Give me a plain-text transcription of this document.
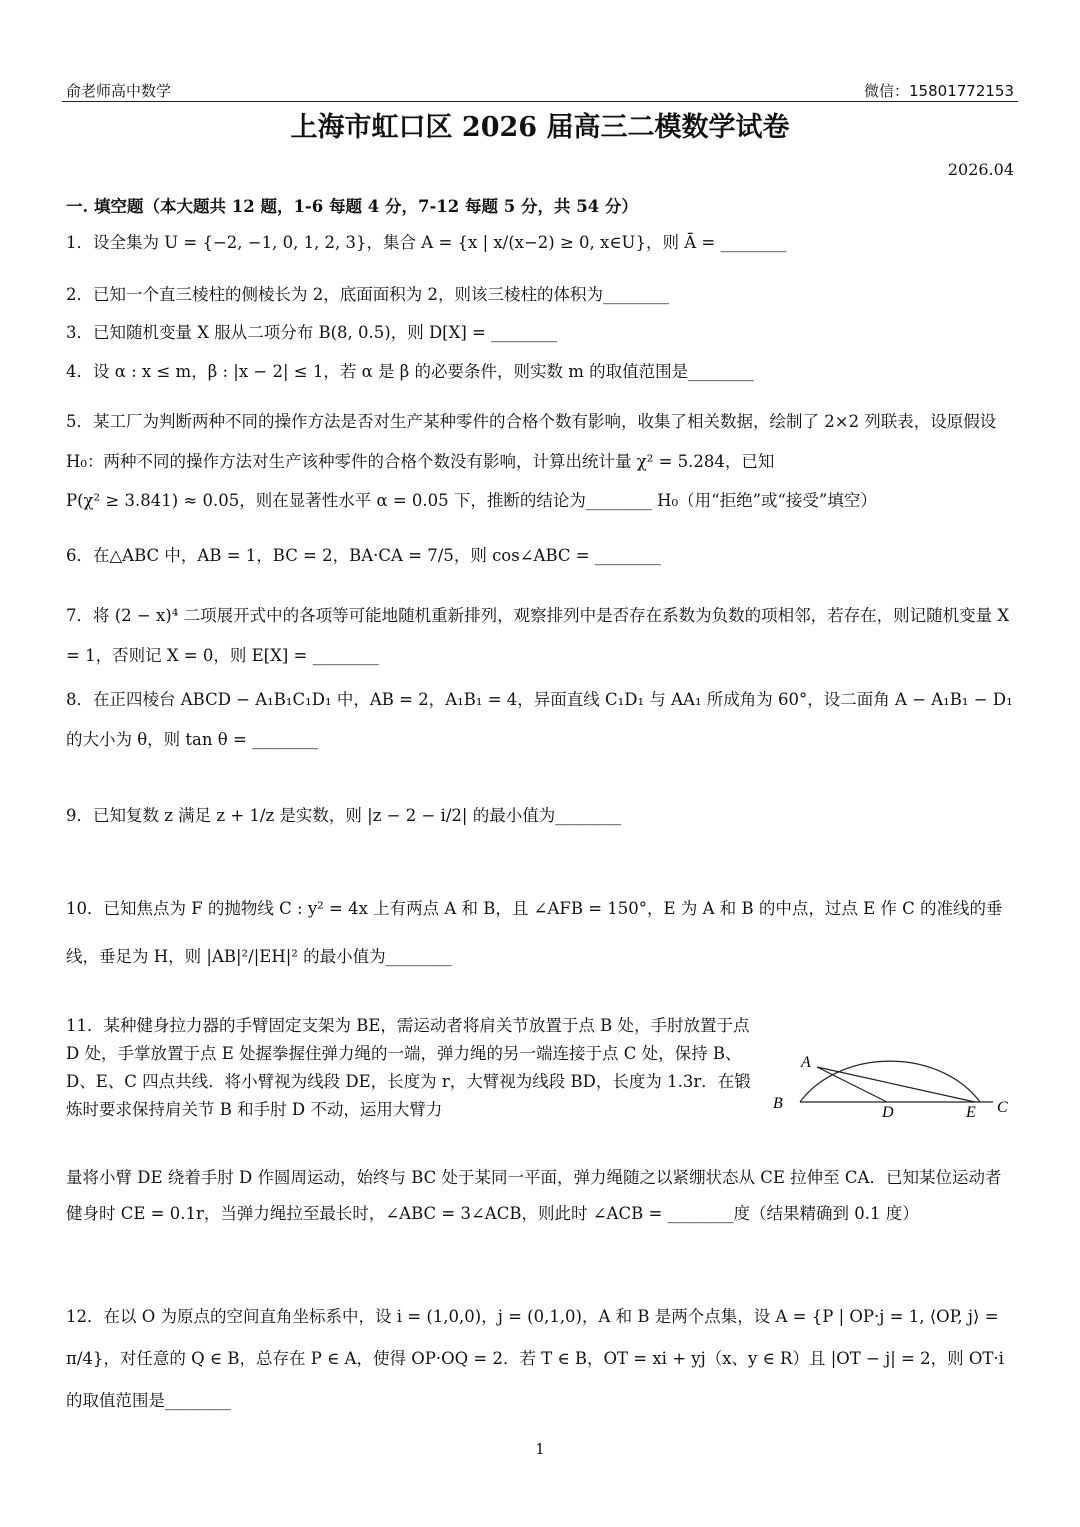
俞老师高中数学	微信：15801772153
上海市虹口区 2026 届高三二模数学试卷
2026.04
一. 填空题（本大题共 12 题，1-6 每题 4 分，7-12 每题 5 分，共 54 分）
1．设全集为 U = {−2, −1, 0, 1, 2, 3}，集合 A = {x | x/(x−2) ≥ 0, x∈U}，则 Ā = ________
2．已知一个直三棱柱的侧棱长为 2，底面面积为 2，则该三棱柱的体积为________
3．已知随机变量 X 服从二项分布 B(8, 0.5)，则 D[X] = ________
4．设 α : x ≤ m，β : |x − 2| ≤ 1，若 α 是 β 的必要条件，则实数 m 的取值范围是________
5．某工厂为判断两种不同的操作方法是否对生产某种零件的合格个数有影响，收集了相关数据，绘制了 2×2 列联表，设原假设 H₀：两种不同的操作方法对生产该种零件的合格个数没有影响，计算出统计量 χ² = 5.284，已知
P(χ² ≥ 3.841) ≈ 0.05，则在显著性水平 α = 0.05 下，推断的结论为________ H₀（用“拒绝”或“接受”填空）
6．在△ABC 中，AB = 1，BC = 2，BA·CA = 7/5，则 cos∠ABC = ________
7．将 (2 − x)⁴ 二项展开式中的各项等可能地随机重新排列，观察排列中是否存在系数为负数的项相邻，若存在，则记随机变量 X = 1，否则记 X = 0，则 E[X] = ________
8．在正四棱台 ABCD − A₁B₁C₁D₁ 中，AB = 2，A₁B₁ = 4，异面直线 C₁D₁ 与 AA₁ 所成角为 60°，设二面角 A − A₁B₁ − D₁ 的大小为 θ，则 tan θ = ________
9．已知复数 z 满足 z + 1/z 是实数，则 |z − 2 − i/2| 的最小值为________
10．已知焦点为 F 的抛物线 C : y² = 4x 上有两点 A 和 B，且 ∠AFB = 150°，E 为 A 和 B 的中点，过点 E 作 C 的准线的垂线，垂足为 H，则 |AB|²/|EH|² 的最小值为________
11．某种健身拉力器的手臂固定支架为 BE，需运动者将肩关节放置于点 B 处，手肘放置于点 D 处，手掌放置于点 E 处握拳握住弹力绳的一端，弹力绳的另一端连接于点 C 处，保持 B、D、E、C 四点共线．将小臂视为线段 DE，长度为 r，大臂视为线段 BD，长度为 1.3r．在锻炼时要求保持肩关节 B 和手肘 D 不动，运用大臂力
量将小臂 DE 绕着手肘 D 作圆周运动，始终与 BC 处于某同一平面，弹力绳随之以紧绷状态从 CE 拉伸至 CA．已知某位运动者健身时 CE = 0.1r，当弹力绳拉至最长时，∠ABC = 3∠ACB，则此时 ∠ACB = ________度（结果精确到 0.1 度）
12．在以 O 为原点的空间直角坐标系中，设 i = (1,0,0)，j = (0,1,0)，A 和 B 是两个点集，设 A = {P | OP·j = 1, ⟨OP, j⟩ = π/4}，对任意的 Q ∈ B，总存在 P ∈ A，使得 OP·OQ = 2．若 T ∈ B，OT = xi + yj（x、y ∈ R）且 |OT − j| = 2，则 OT·i 的取值范围是________
A
B
D	E C
1
